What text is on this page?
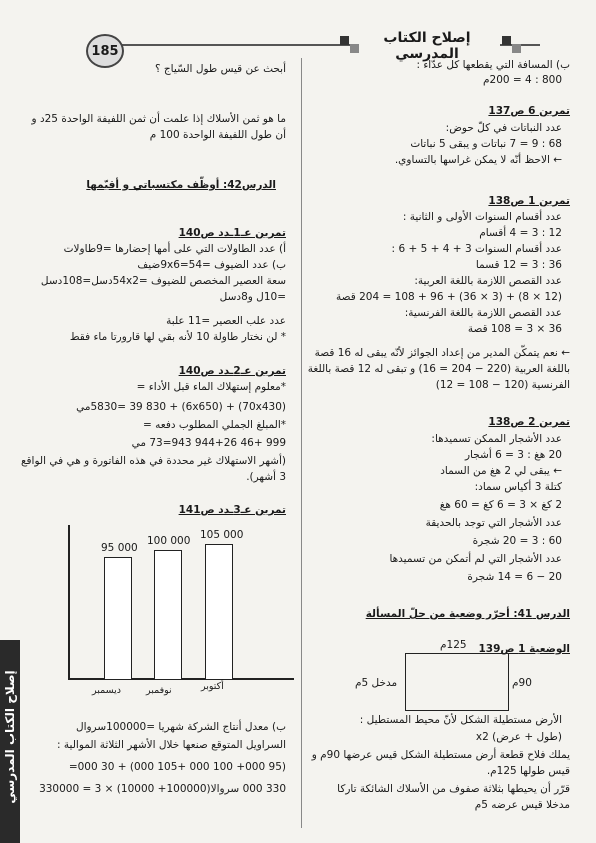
إصلاح الكتاب المدرسي
185
إصلاح الكتاب المدرسي
ب) المسافة التي يقطعها كل عدّاء :
800 : 4 = 200م
تمرين 6 ص137
عدد النباتات في كلّ حوض:
68 : 9 = 7 نباتات و يبقى 5 نباتات
← الاحظ أنّه لا يمكن غراسها بالتساوي.
تمرين 1 ص138
عدد أقسام السنوات الأولى و الثانية :
12 : 3 = 4 أقسام
عدد أقسام السنوات 3 + 4 + 5 + 6 :
36 : 3 = 12 قسما
عدد القصص اللازمة باللغة العربية:
(12 × 8) + (3 × 36) + 96 + 108 = 204 قصة
عدد القصص اللازمة باللغة الفرنسية:
36 × 3 = 108 قصة
← نعم يتمكّن المدير من إعداد الجوائز لأنّه يبقى له 16 قصة
باللغة العربية (220 − 204 = 16) و تبقى له 12 قصة باللغة
الفرنسية (120 − 108 = 12)
تمرين 2 ص138
عدد الأشجار الممكن تسميدها:
20 هغ : 3 = 6 أشجار
← يبقى لي 2 هغ من السماد
كتلة 3 أكياس سماد:
2 كغ × 3 = 6 كغ = 60 هغ
عدد الأشجار التي توجد بالحديقة
60 : 3 = 20 شجرة
عدد الأشجار التي لم أتمكن من تسميدها
20 − 6 = 14 شجرة
الدرس 41: أحرّر وضعية من حلّ المسألة
الوضعية 1 ص139
125م
90م
مدخل 5م
الأرض مستطيلة الشكل لأنّ محيط المستطيل :
(طول + عرض) x2
يملك فلاح قطعة أرض مستطيلة الشكل قيس عرضها 90م و
قيس طولها 125م.
قرّر أن يحيطها بثلاثة صفوف من الأسلاك الشائكة تاركا
مدخلا قيس عرضه 5م
أبحث عن قيس طول السّياج ؟
ما هو ثمن الأسلاك إذا علمت أن ثمن اللفيفة الواحدة 25د و
أن طول اللفيفة الواحدة 100 م
الدرس42: أوظّف مكتسباتي و أقيّمها
تمرين عـ1ـدد ص140
أ) عدد الطاولات التي على أمها إحضارها =9طاولات
ب) عدد الضيوف =9x6=54ضيف
سعة العصير المخصص للضيوف =54x2دسل=108دسل
=10ل و8دسل
عدد علب العصير =11 علبة
* لن نختار طاولة 10 لأنه بقي لها قارورتا ماء فقط
تمرين عـ2ـدد ص140
*معلوم إستهلاك الماء قبل الأداء =
(70x430) + (6x650) + 5830= 39 830مي
*المبلغ الجملي المطلوب دفعه =
999 +46 944+26 943=73 مي
(أشهر الاستهلاك غير محددة في هذه الفاتورة و هي في الواقع
3 أشهر).
تمرين عـ3ـدد ص141
95 000
100 000 105 000
ديسمبر	نوفمبر	أكتوبر
ب) معدل أنتاج الشركة شهريا =100000سروال
السراويل المتوقع صنعها خلال الأشهر الثلاثة الموالية :
(95 000+ 100 000 +105 000) + 30 000=
330 000 سروالا(100000+ 10000) × 3 = 330000
